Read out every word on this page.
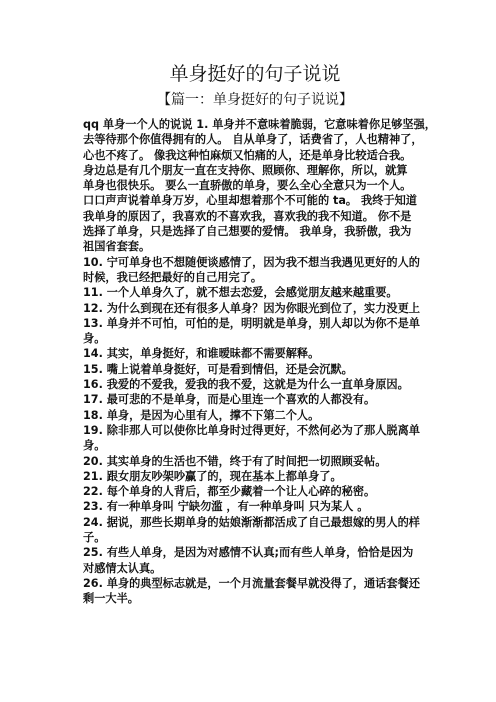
单身挺好的句子说说
【篇一：单身挺好的句子说说】

qq 单身一个人的说说 1. 单身并不意味着脆弱，它意味着你足够坚强，

去等待那个你值得拥有的人。 自从单身了，话费省了，人也精神了，

心也不疼了。 像我这种怕麻烦又怕痛的人，还是单身比较适合我。

身边总是有几个朋友一直在支持你、照顾你、理解你，所以，就算

单身也很快乐。 要么一直骄傲的单身，要么全心全意只为一个人。

口口声声说着单身万岁，心里却想着那个不可能的 ta。 我终于知道

我单身的原因了，我喜欢的不喜欢我，喜欢我的我不知道。 你不是

选择了单身，只是选择了自己想要的爱情。 我单身，我骄傲，我为

祖国省套套。

10. 宁可单身也不想随便谈感情了，因为我不想当我遇见更好的人的

时候，我已经把最好的自己用完了。

11. 一个人单身久了，就不想去恋爱，会感觉朋友越来越重要。

12. 为什么到现在还有很多人单身？因为你眼光到位了，实力没更上

13. 单身并不可怕，可怕的是，明明就是单身，别人却以为你不是单

身。

14. 其实，单身挺好，和谁暧昧都不需要解释。

15. 嘴上说着单身挺好，可是看到情侣，还是会沉默。

16. 我爱的不爱我，爱我的我不爱，这就是为什么一直单身原因。

17. 最可悲的不是单身，而是心里连一个喜欢的人都没有。

18. 单身，是因为心里有人，撑不下第二个人。

19. 除非那人可以使你比单身时过得更好，不然何必为了那人脱离单

身。

20. 其实单身的生活也不错，终于有了时间把一切照顾妥帖。

21. 跟女朋友吵架吵赢了的，现在基本上都单身了。

22. 每个单身的人背后，都至少藏着一个让人心碎的秘密。

23. 有一种单身叫 宁缺勿滥 ，有一种单身叫 只为某人 。

24. 据说，那些长期单身的姑娘渐渐都活成了自己最想嫁的男人的样

子。

25. 有些人单身，是因为对感情不认真;而有些人单身，恰恰是因为

对感情太认真。

26. 单身的典型标志就是，一个月流量套餐早就没得了，通话套餐还

剩一大半。
